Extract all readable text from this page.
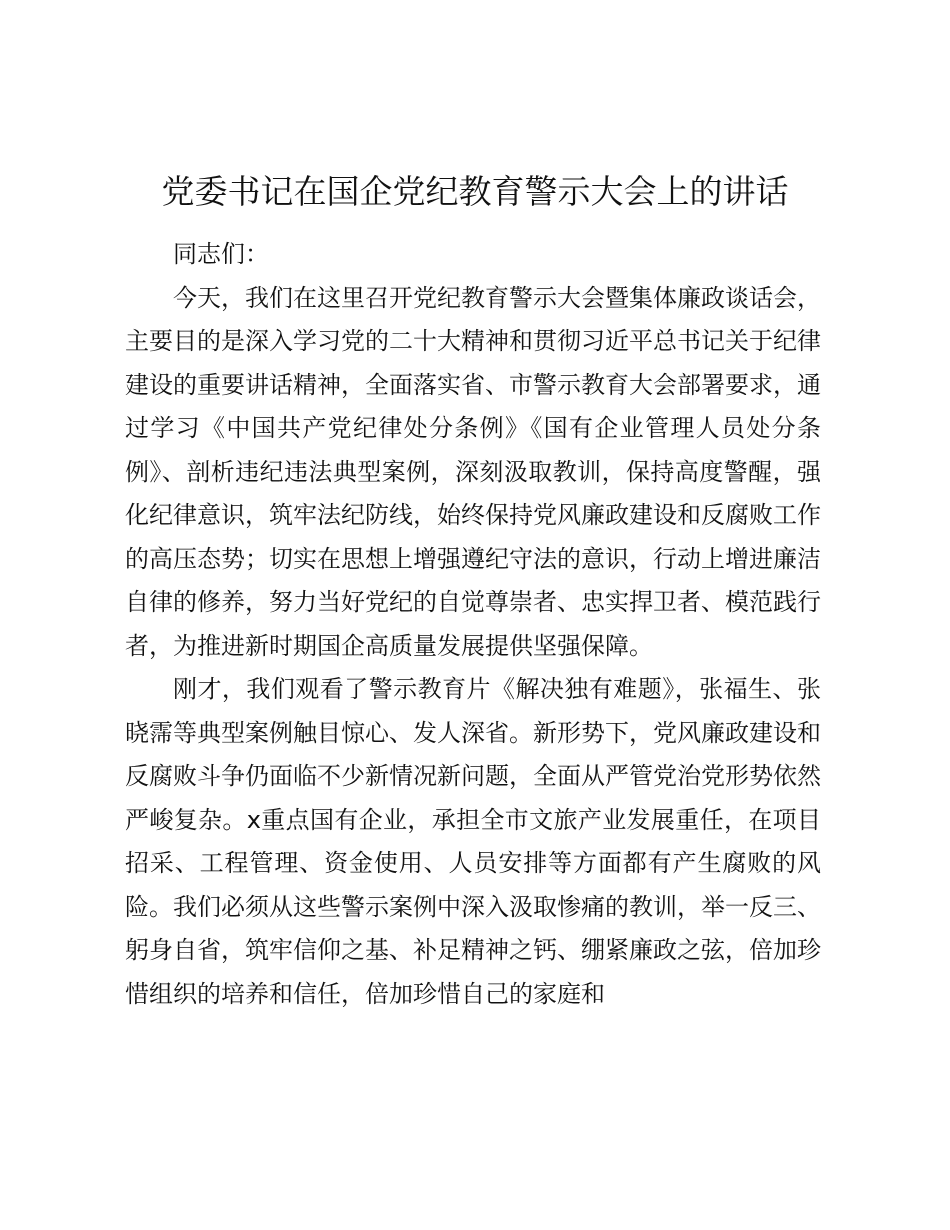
党委书记在国企党纪教育警示大会上的讲话

同志们：

今天，我们在这里召开党纪教育警示大会暨集体廉政谈话会，主要目的是深入学习党的二十大精神和贯彻习近平总书记关于纪律建设的重要讲话精神，全面落实省、市警示教育大会部署要求，通过学习《中国共产党纪律处分条例》《国有企业管理人员处分条例》、剖析违纪违法典型案例，深刻汲取教训，保持高度警醒，强化纪律意识，筑牢法纪防线，始终保持党风廉政建设和反腐败工作的高压态势；切实在思想上增强遵纪守法的意识，行动上增进廉洁自律的修养，努力当好党纪的自觉尊崇者、忠实捍卫者、模范践行者，为推进新时期国企高质量发展提供坚强保障。

刚才，我们观看了警示教育片《解决独有难题》，张福生、张晓霈等典型案例触目惊心、发人深省。新形势下，党风廉政建设和反腐败斗争仍面临不少新情况新问题，全面从严管党治党形势依然严峻复杂。x重点国有企业，承担全市文旅产业发展重任，在项目招采、工程管理、资金使用、人员安排等方面都有产生腐败的风险。我们必须从这些警示案例中深入汲取惨痛的教训，举一反三、躬身自省，筑牢信仰之基、补足精神之钙、绷紧廉政之弦，倍加珍惜组织的培养和信任，倍加珍惜自己的家庭和
